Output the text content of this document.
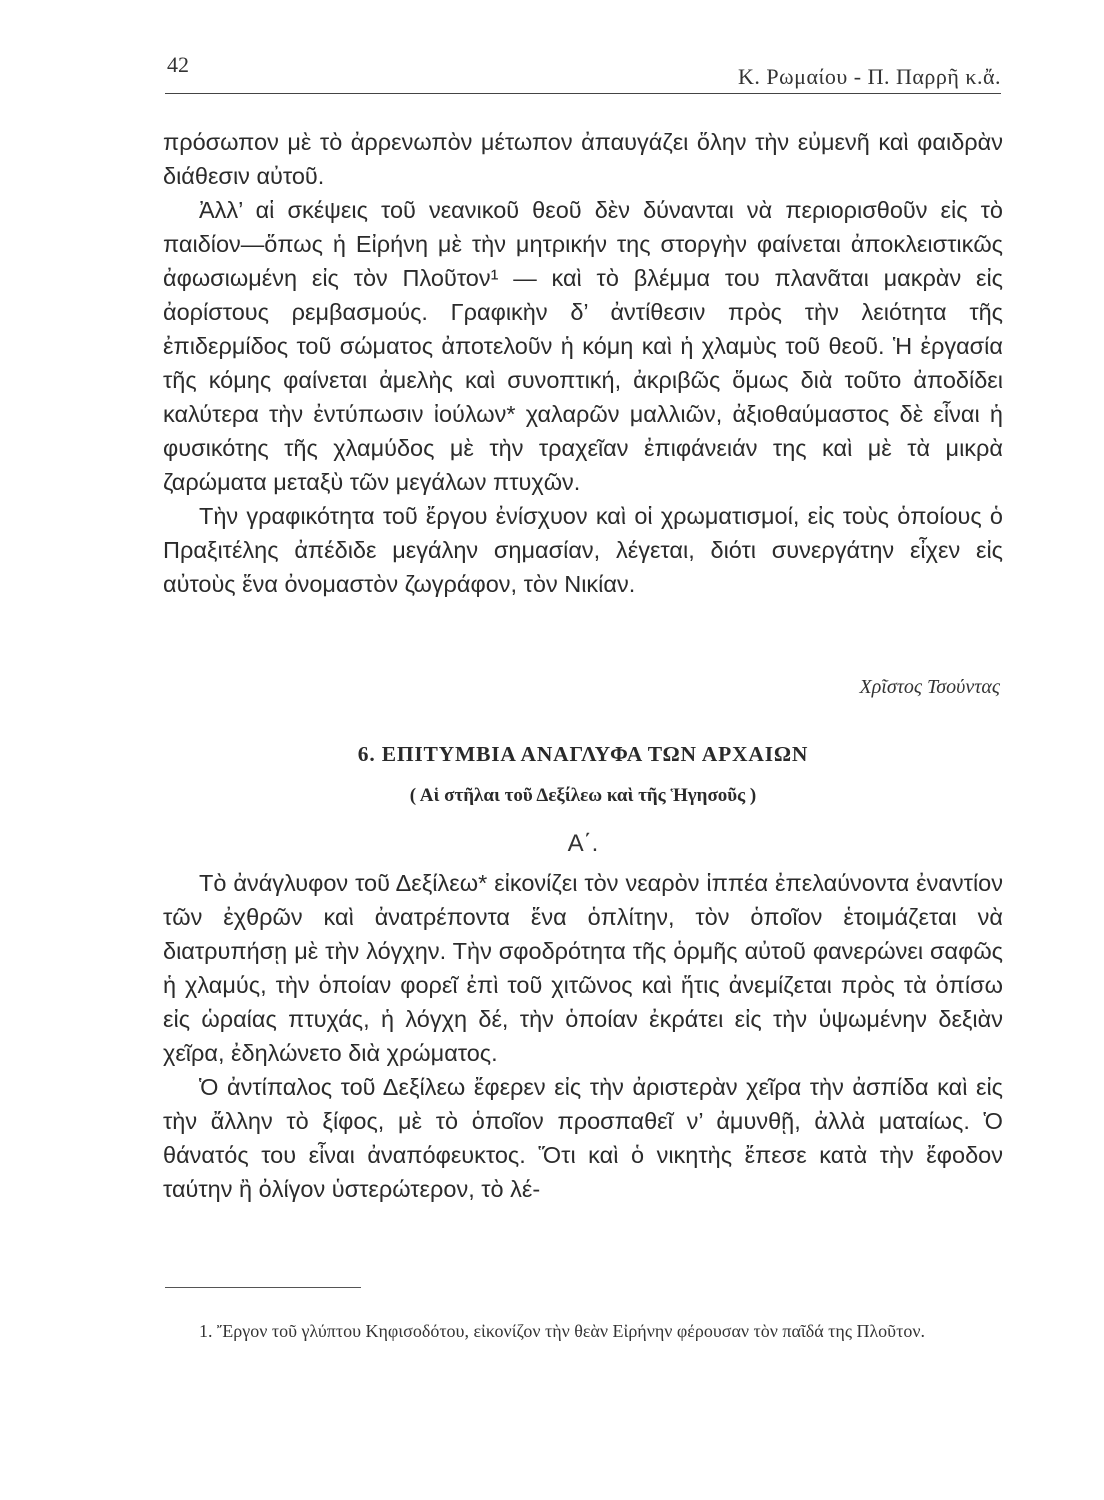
42	Κ. Ρωμαίου - Π. Παρρῆ κ.ἄ.

πρόσωπον μὲ τὸ ἀρρενωπὸν μέτωπον ἀπαυγάζει ὅλην τὴν εὐμενῆ καὶ φαιδρὰν διάθεσιν αὐτοῦ.

Ἀλλ’ αἱ σκέψεις τοῦ νεανικοῦ θεοῦ δὲν δύνανται νὰ περιορισθοῦν εἰς τὸ παιδίον—ὅπως ἡ Εἰρήνη μὲ τὴν μητρικήν της στοργὴν φαίνεται ἀποκλειστικῶς ἀφωσιωμένη εἰς τὸν Πλοῦτον¹ — καὶ τὸ βλέμμα του πλανᾶται μακρὰν εἰς ἀορίστους ρεμβασμούς. Γραφικὴν δ’ ἀντίθεσιν πρὸς τὴν λειότητα τῆς ἐπιδερμίδος τοῦ σώματος ἀποτελοῦν ἡ κόμη καὶ ἡ χλαμὺς τοῦ θεοῦ. Ἡ ἐργασία τῆς κόμης φαίνεται ἀμελὴς καὶ συνοπτική, ἀκριβῶς ὅμως διὰ τοῦτο ἀποδίδει καλύτερα τὴν ἐντύπωσιν ἰούλων* χαλαρῶν μαλλιῶν, ἀξιοθαύμαστος δὲ εἶναι ἡ φυσικότης τῆς χλαμύδος μὲ τὴν τραχεῖαν ἐπιφάνειάν της καὶ μὲ τὰ μικρὰ ζαρώματα μεταξὺ τῶν μεγάλων πτυχῶν.

Τὴν γραφικότητα τοῦ ἔργου ἐνίσχυον καὶ οἱ χρωματισμοί, εἰς τοὺς ὁποίους ὁ Πραξιτέλης ἀπέδιδε μεγάλην σημασίαν, λέγεται, διότι συνεργάτην εἶχεν εἰς αὐτοὺς ἕνα ὀνομαστὸν ζωγράφον, τὸν Νικίαν.

Χρῖστος Τσούντας
6. ΕΠΙΤΥΜΒΙΑ ΑΝΑΓΛΥΦΑ ΤΩΝ ΑΡΧΑΙΩΝ
( Αἱ στῆλαι τοῦ Δεξίλεω καὶ τῆς Ἡγησοῦς )
Α΄.

Τὸ ἀνάγλυφον τοῦ Δεξίλεω* εἰκονίζει τὸν νεαρὸν ἱππέα ἐπελαύνοντα ἐναντίον τῶν ἐχθρῶν καὶ ἀνατρέποντα ἕνα ὁπλίτην, τὸν ὁποῖον ἑτοιμάζεται νὰ διατρυπήσῃ μὲ τὴν λόγχην. Τὴν σφοδρότητα τῆς ὁρμῆς αὐτοῦ φανερώνει σαφῶς ἡ χλαμύς, τὴν ὁποίαν φορεῖ ἐπὶ τοῦ χιτῶνος καὶ ἥτις ἀνεμίζεται πρὸς τὰ ὀπίσω εἰς ὡραίας πτυχάς, ἡ λόγχη δέ, τὴν ὁποίαν ἐκράτει εἰς τὴν ὑψωμένην δεξιὰν χεῖρα, ἐδηλώνετο διὰ χρώματος.

Ὁ ἀντίπαλος τοῦ Δεξίλεω ἔφερεν εἰς τὴν ἀριστερὰν χεῖρα τὴν ἀσπίδα καὶ εἰς τὴν ἄλλην τὸ ξίφος, μὲ τὸ ὁποῖον προσπαθεῖ ν’ ἀμυνθῇ, ἀλλὰ ματαίως. Ὁ θάνατός του εἶναι ἀναπόφευκτος. Ὅτι καὶ ὁ νικητὴς ἔπεσε κατὰ τὴν ἔφοδον ταύτην ἢ ὀλίγον ὑστερώτερον, τὸ λέ-

1. Ἔργον τοῦ γλύπτου Κηφισοδότου, εἰκονίζον τὴν θεὰν Εἰρήνην φέρουσαν τὸν παῖδά της Πλοῦτον.
